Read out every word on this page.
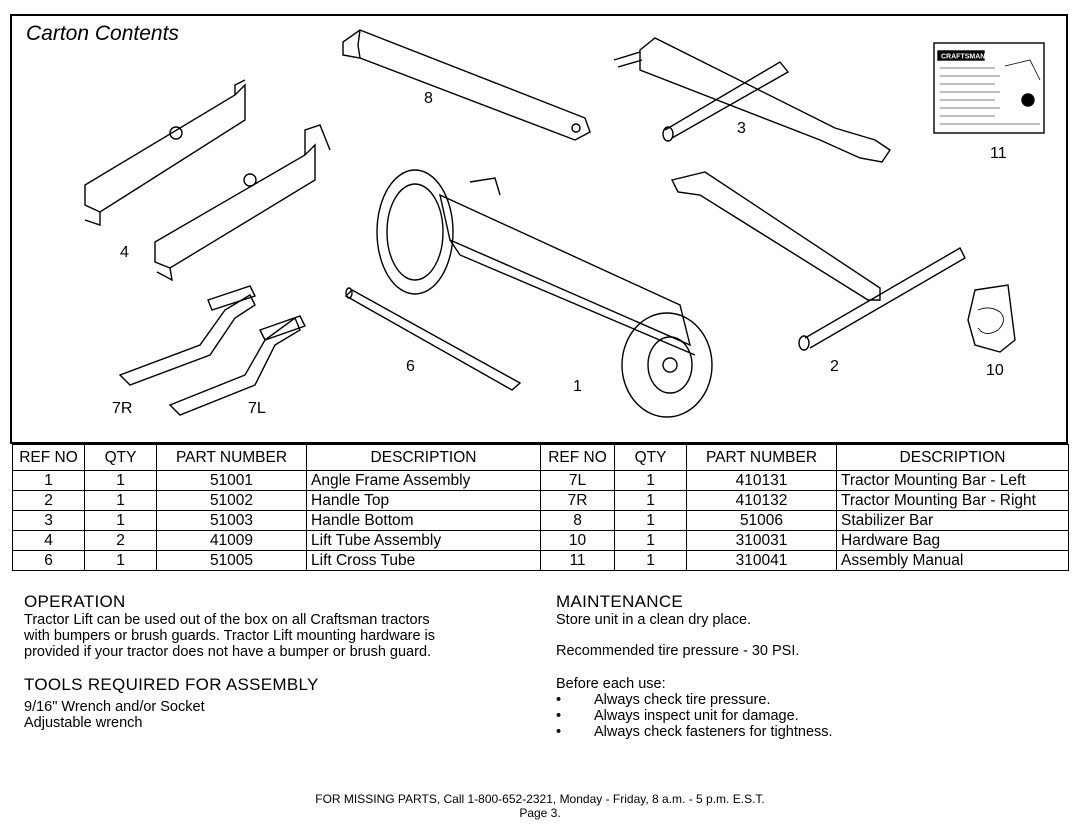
Carton Contents
CRAFTSMAN
8
3
11
4
6
1
2	10
7R	7L
REF NO	QTY	PART NUMBER	DESCRIPTION	REF NO	QTY	PART NUMBER	DESCRIPTION
1	1	51001	Angle Frame Assembly	7L	1	410131	Tractor Mounting Bar - Left
2	1	51002	Handle Top	7R	1	410132	Tractor Mounting Bar - Right
3	1	51003	Handle Bottom	8	1	51006	Stabilizer Bar
4	2	41009	Lift Tube Assembly	10	1	310031	Hardware Bag
6	1	51005	Lift Cross Tube	11	1	310041	Assembly Manual
OPERATION
Tractor Lift can be used out of the box on all Craftsman tractors
with bumpers or brush guards. Tractor Lift mounting hardware is
provided if your tractor does not have a bumper or brush guard.
TOOLS REQUIRED FOR ASSEMBLY
9/16" Wrench and/or Socket
Adjustable wrench
MAINTENANCE
Store unit in a clean dry place.
Recommended tire pressure - 30 PSI.
Before each use:
• Always check tire pressure.
• Always inspect unit for damage.
• Always check fasteners for tightness.
FOR MISSING PARTS, Call 1-800-652-2321, Monday - Friday, 8 a.m. - 5 p.m. E.S.T.
Page 3.
